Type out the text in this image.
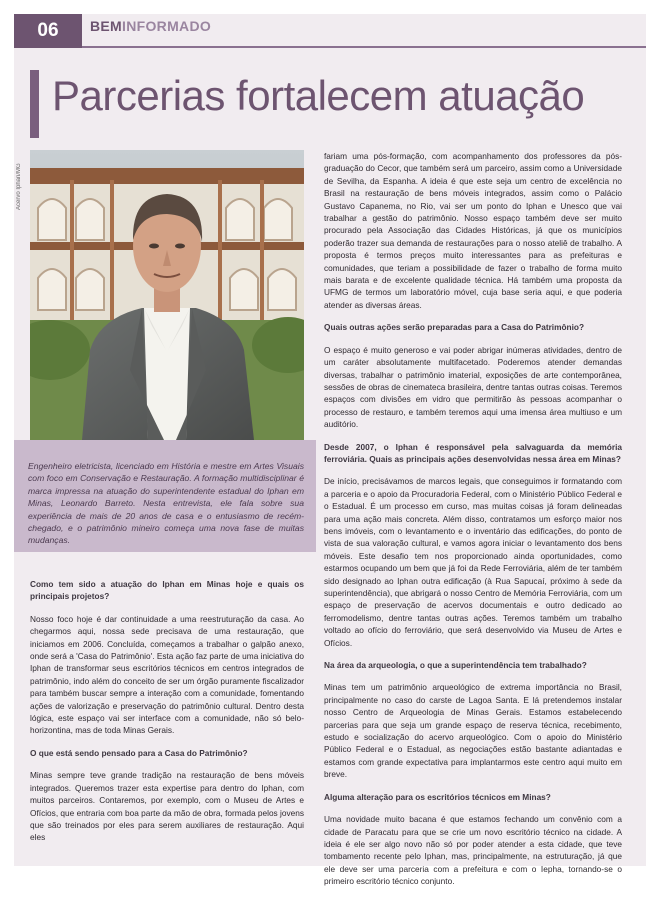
06	BEMINFORMADO
Parcerias fortalecem atuação
Acervo Iphan/MG

Engenheiro eletricista, licenciado em História e mestre em Artes Visuais com foco em Conservação e Restauração. A formação multidisciplinar é marca impressa na atuação do superintendente estadual do Iphan em Minas, Leonardo Barreto. Nesta entrevista, ele fala sobre sua experiência de mais de 20 anos de casa e o entusiasmo de recém-chegado, e o patrimônio mineiro começa uma nova fase de muitas mudanças.

Como tem sido a atuação do Iphan em Minas hoje e quais os principais projetos?

Nosso foco hoje é dar continuidade a uma reestruturação da casa. Ao chegarmos aqui, nossa sede precisava de uma restauração, que iniciamos em 2006. Concluída, começamos a trabalhar o galpão anexo, onde será a 'Casa do Patrimônio'. Esta ação faz parte de uma iniciativa do Iphan de transformar seus escritórios técnicos em centros integrados de patrimônio, indo além do conceito de ser um órgão puramente fiscalizador para também buscar sempre a interação com a comunidade, fomentando ações de valorização e preservação do patrimônio cultural. Dentro desta lógica, este espaço vai ser interface com a comunidade, não só belo-horizontina, mas de toda Minas Gerais.

O que está sendo pensado para a Casa do Patrimônio?

Minas sempre teve grande tradição na restauração de bens móveis integrados. Queremos trazer esta expertise para dentro do Iphan, com muitos parceiros. Contaremos, por exemplo, com o Museu de Artes e Ofícios, que entraria com boa parte da mão de obra, formada pelos jovens que são treinados por eles para serem auxiliares de restauração. Aqui eles

fariam uma pós-formação, com acompanhamento dos professores da pós-graduação do Cecor, que também será um parceiro, assim como a Universidade de Sevilha, da Espanha. A ideia é que este seja um centro de excelência no Brasil na restauração de bens móveis integrados, assim como o Palácio Gustavo Capanema, no Rio, vai ser um ponto do Iphan e Unesco que vai trabalhar a gestão do patrimônio. Nosso espaço também deve ser muito procurado pela Associação das Cidades Históricas, já que os municípios poderão trazer sua demanda de restaurações para o nosso ateliê de trabalho. A proposta é termos preços muito interessantes para as prefeituras e comunidades, que teriam a possibilidade de fazer o trabalho de forma muito mais barata e de excelente qualidade técnica. Há também uma proposta da UFMG de termos um laboratório móvel, cuja base seria aqui, e que poderia atender as diversas áreas.

Quais outras ações serão preparadas para a Casa do Patrimônio?

O espaço é muito generoso e vai poder abrigar inúmeras atividades, dentro de um caráter absolutamente multifacetado. Poderemos atender demandas diversas, trabalhar o patrimônio imaterial, exposições de arte contemporânea, sessões de obras de cinemateca brasileira, dentre tantas outras coisas. Teremos espaços com divisões em vidro que permitirão às pessoas acompanhar o processo de restauro, e também teremos aqui uma imensa área multiuso e um auditório.

Desde 2007, o Iphan é responsável pela salvaguarda da memória ferroviária. Quais as principais ações desenvolvidas nessa área em Minas?

De início, precisávamos de marcos legais, que conseguimos ir formatando com a parceria e o apoio da Procuradoria Federal, com o Ministério Público Federal e o Estadual. É um processo em curso, mas muitas coisas já foram delineadas para uma ação mais concreta. Além disso, contratamos um esforço maior nos bens imóveis, com o levantamento e o inventário das edificações, do ponto de vista de sua valoração cultural, e vamos agora iniciar o levantamento dos bens móveis. Este desafio tem nos proporcionado ainda oportunidades, como estarmos ocupando um bem que já foi da Rede Ferroviária, além de ter também sido designado ao Iphan outra edificação (à Rua Sapucaí, próximo à sede da superintendência), que abrigará o nosso Centro de Memória Ferroviária, com um espaço de preservação de acervos documentais e outro dedicado ao ferromodelismo, dentre tantas outras ações. Teremos também um trabalho voltado ao ofício do ferroviário, que será desenvolvido via Museu de Artes e Ofícios.

Na área da arqueologia, o que a superintendência tem trabalhado?

Minas tem um patrimônio arqueológico de extrema importância no Brasil, principalmente no caso do carste de Lagoa Santa. E lá pretendemos instalar nosso Centro de Arqueologia de Minas Gerais. Estamos estabelecendo parcerias para que seja um grande espaço de reserva técnica, recebimento, estudo e socialização do acervo arqueológico. Com o apoio do Ministério Público Federal e o Estadual, as negociações estão bastante adiantadas e estamos com grande expectativa para implantarmos este centro aqui muito em breve.

Alguma alteração para os escritórios técnicos em Minas?

Uma novidade muito bacana é que estamos fechando um convênio com a cidade de Paracatu para que se crie um novo escritório técnico na cidade. A ideia é ele ser algo novo não só por poder atender a esta cidade, que teve tombamento recente pelo Iphan, mas, principalmente, na estruturação, já que ele deve ser uma parceria com a prefeitura e com o Iepha, tornando-se o primeiro escritório técnico conjunto.
